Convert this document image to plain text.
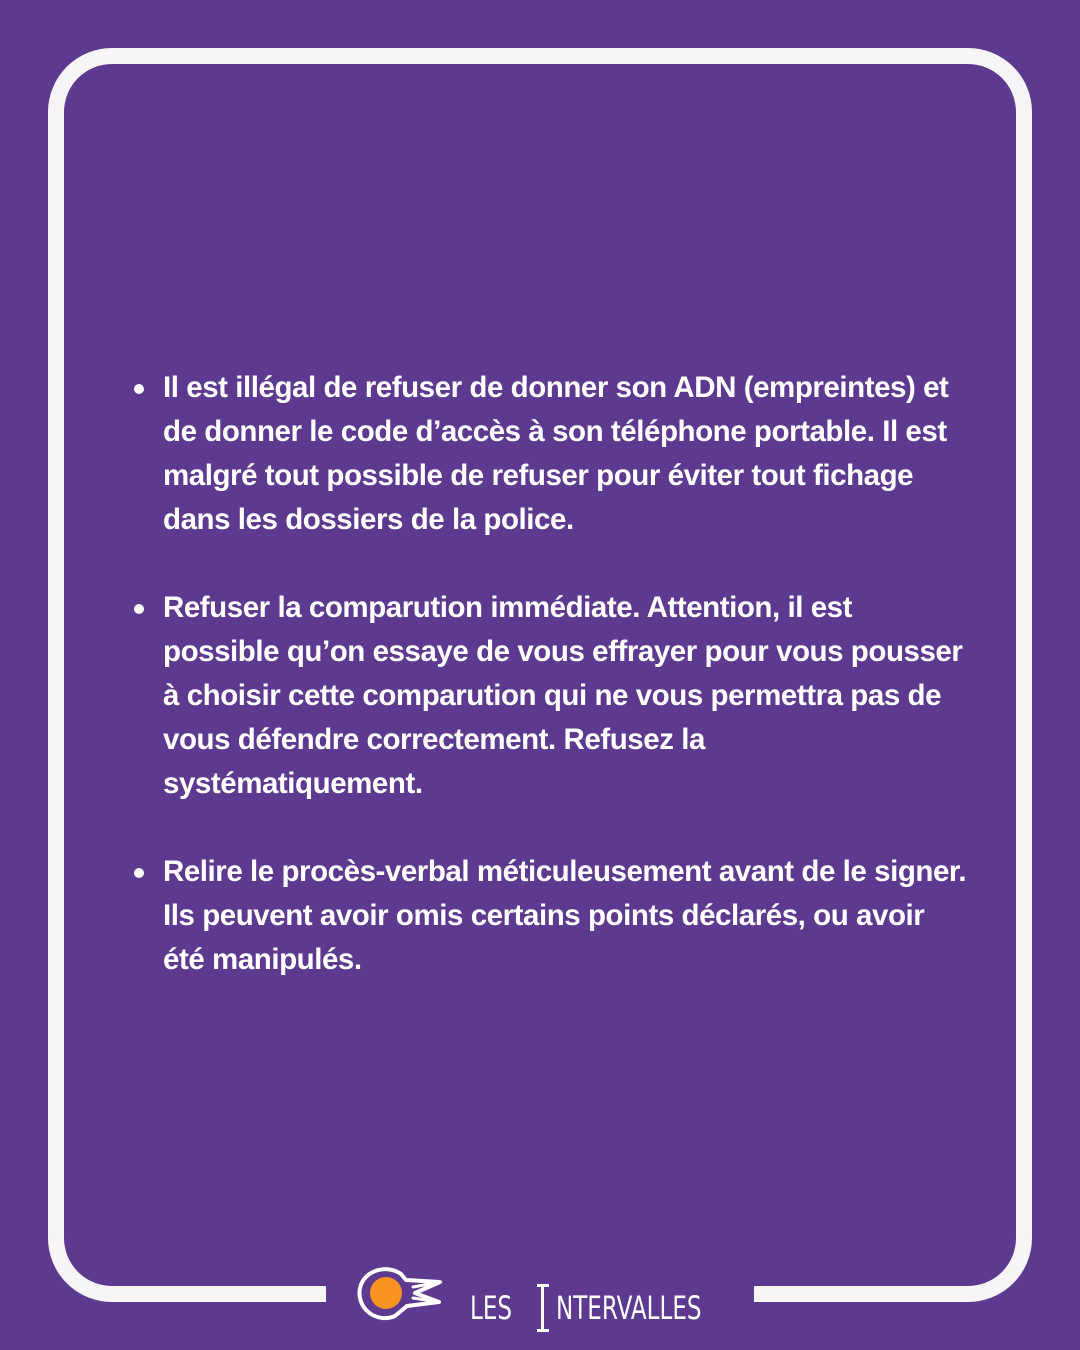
Il est illégal de refuser de donner son ADN (empreintes) et de donner le code d’accès à son téléphone portable. Il est malgré tout possible de refuser pour éviter tout fichage dans les dossiers de la police.
Refuser la comparution immédiate. Attention, il est possible qu’on essaye de vous effrayer pour vous pousser à choisir cette comparution qui ne vous permettra pas de vous défendre correctement. Refusez la systématiquement.
Relire le procès-verbal méticuleusement avant de le signer. Ils peuvent avoir omis certains points déclarés, ou avoir été manipulés.
LES NTERVALLES
